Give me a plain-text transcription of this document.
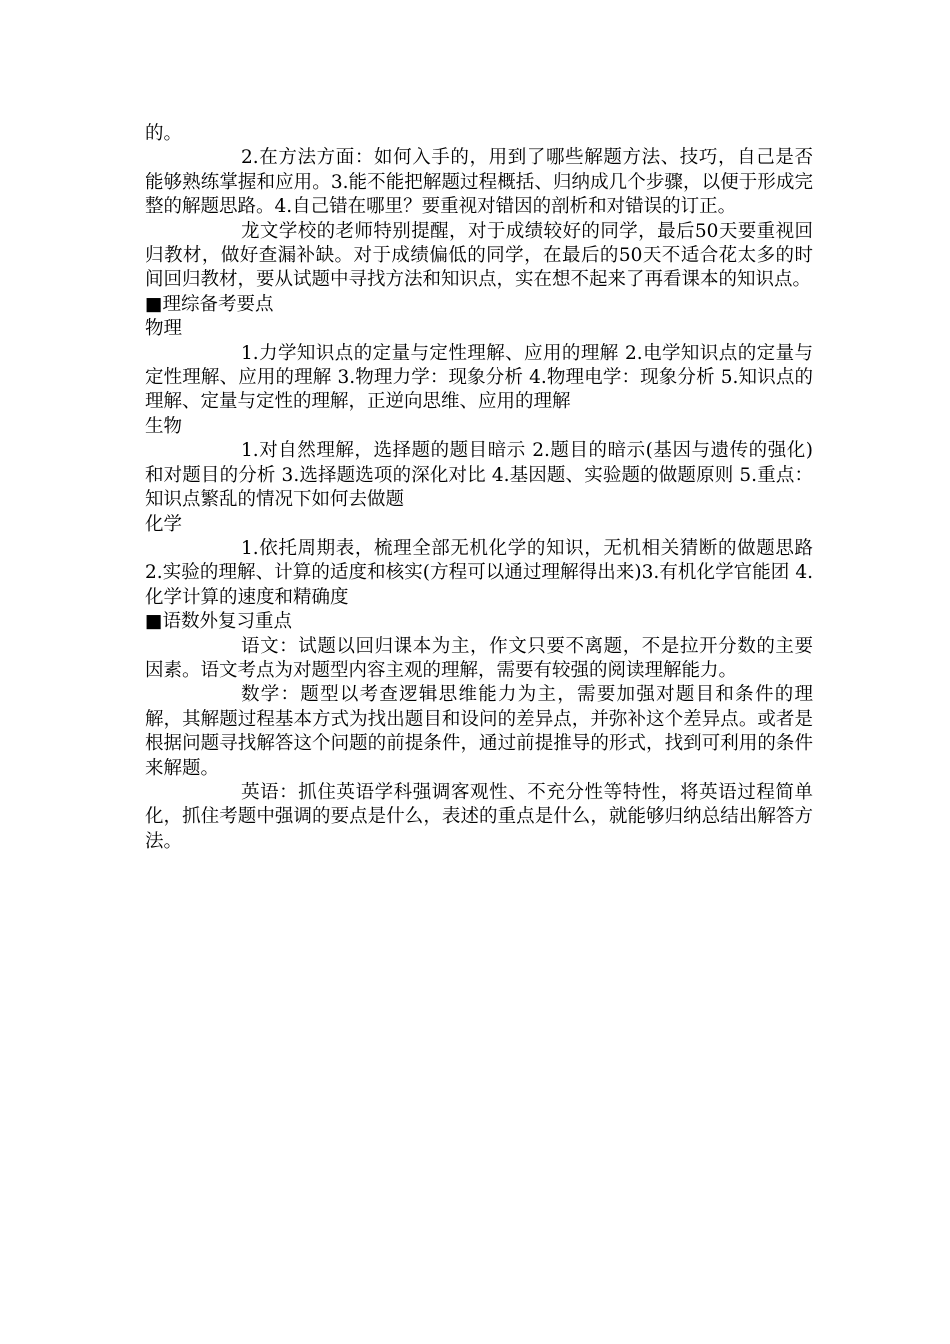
的。

2.在方法方面：如何入手的，用到了哪些解题方法、技巧，自己是否能够熟练掌握和应用。3.能不能把解题过程概括、归纳成几个步骤，以便于形成完整的解题思路。4.自己错在哪里？要重视对错因的剖析和对错误的订正。

龙文学校的老师特别提醒，对于成绩较好的同学，最后50天要重视回归教材，做好查漏补缺。对于成绩偏低的同学，在最后的50天不适合花太多的时间回归教材，要从试题中寻找方法和知识点，实在想不起来了再看课本的知识点。

■理综备考要点

物理

1.力学知识点的定量与定性理解、应用的理解 2.电学知识点的定量与定性理解、应用的理解 3.物理力学：现象分析 4.物理电学：现象分析 5.知识点的理解、定量与定性的理解，正逆向思维、应用的理解

生物

1.对自然理解，选择题的题目暗示 2.题目的暗示(基因与遗传的强化)和对题目的分析 3.选择题选项的深化对比 4.基因题、实验题的做题原则 5.重点：知识点繁乱的情况下如何去做题

化学

1.依托周期表，梳理全部无机化学的知识，无机相关猜断的做题思路 2.实验的理解、计算的适度和核实(方程可以通过理解得出来)3.有机化学官能团 4.化学计算的速度和精确度

■语数外复习重点

语文：试题以回归课本为主，作文只要不离题，不是拉开分数的主要因素。语文考点为对题型内容主观的理解，需要有较强的阅读理解能力。

数学：题型以考查逻辑思维能力为主，需要加强对题目和条件的理解，其解题过程基本方式为找出题目和设问的差异点，并弥补这个差异点。或者是根据问题寻找解答这个问题的前提条件，通过前提推导的形式，找到可利用的条件来解题。

英语：抓住英语学科强调客观性、不充分性等特性，将英语过程简单化，抓住考题中强调的要点是什么，表述的重点是什么，就能够归纳总结出解答方法。
